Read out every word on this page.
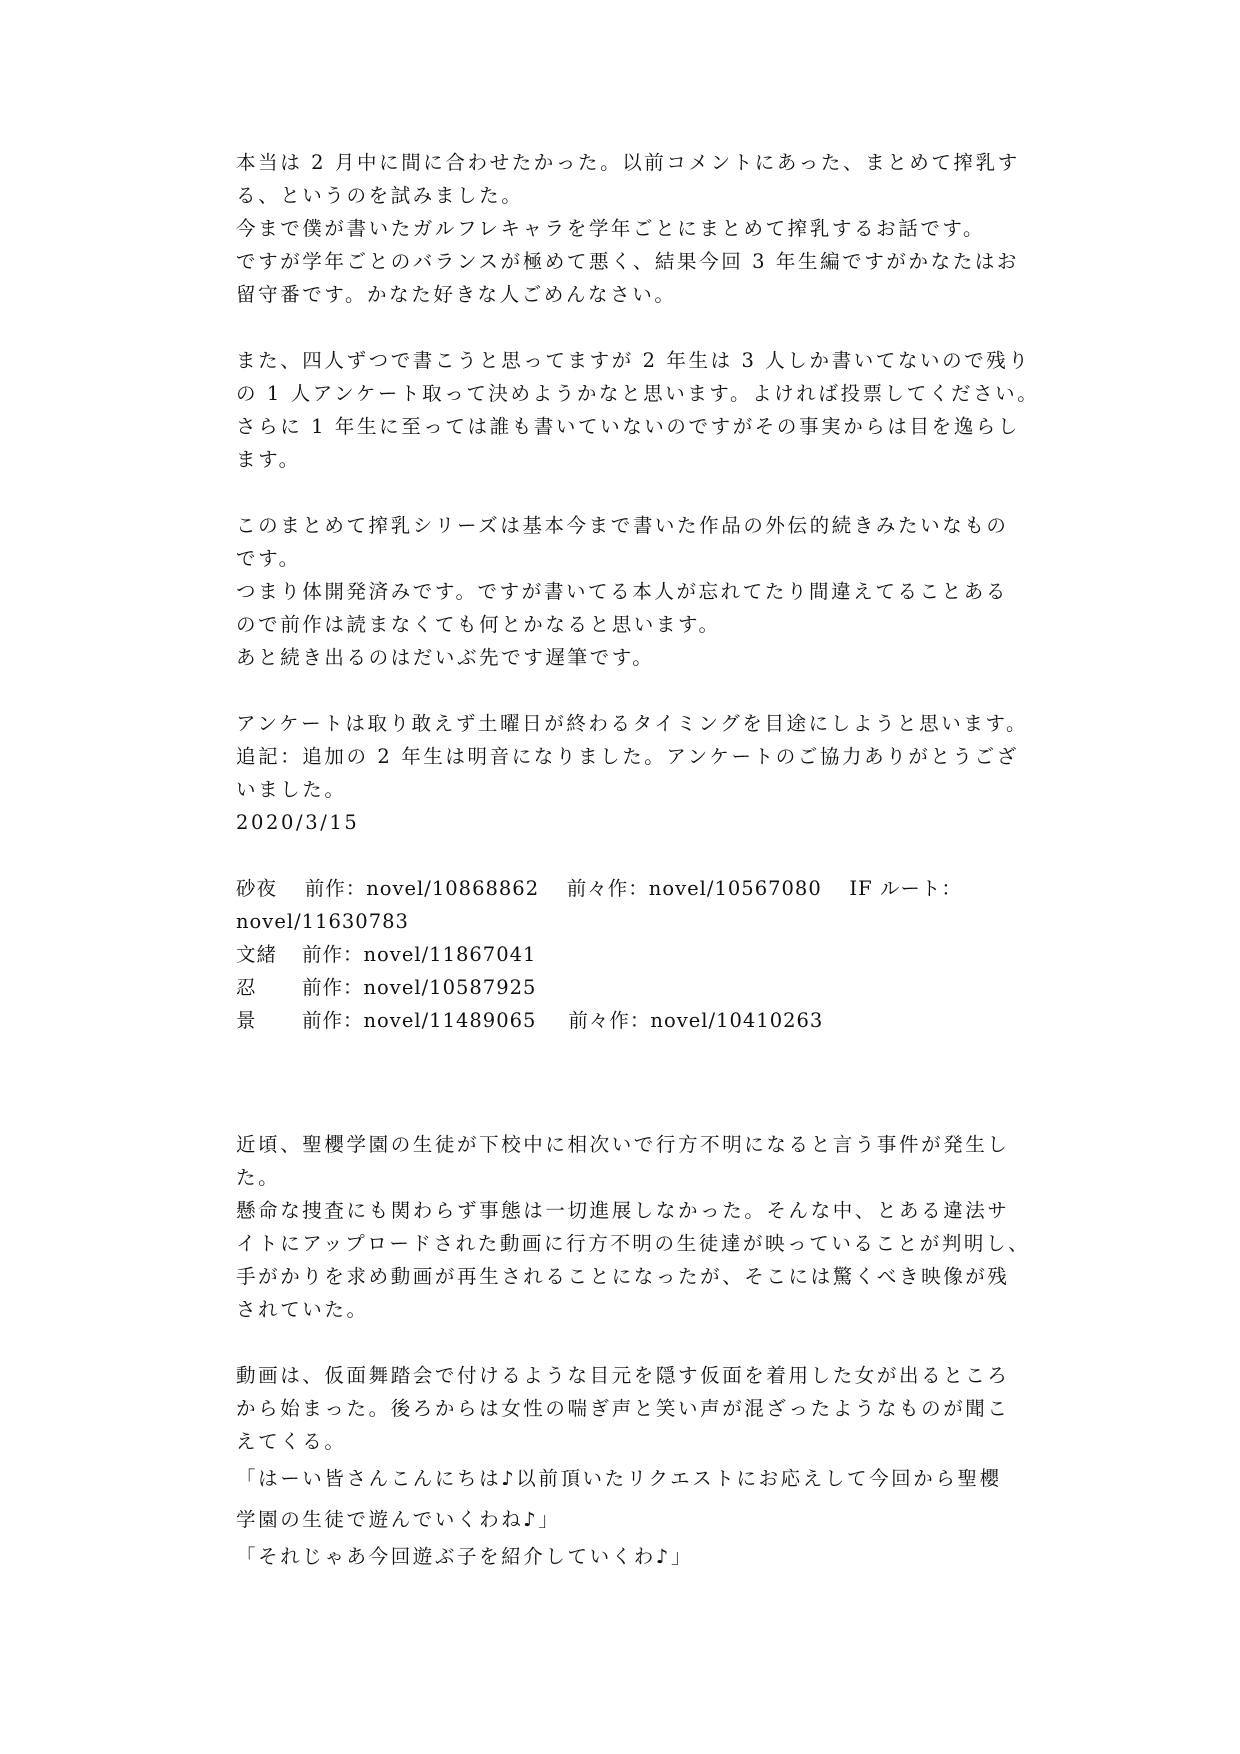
本当は 2 月中に間に合わせたかった。以前コメントにあった、まとめて搾乳す
る、というのを試みました。
今まで僕が書いたガルフレキャラを学年ごとにまとめて搾乳するお話です。
ですが学年ごとのバランスが極めて悪く、結果今回 3 年生編ですがかなたはお
留守番です。かなた好きな人ごめんなさい。
また、四人ずつで書こうと思ってますが 2 年生は 3 人しか書いてないので残り
の 1 人アンケート取って決めようかなと思います。よければ投票してください。
さらに 1 年生に至っては誰も書いていないのですがその事実からは目を逸らし
ます。
このまとめて搾乳シリーズは基本今まで書いた作品の外伝的続きみたいなもの
です。
つまり体開発済みです。ですが書いてる本人が忘れてたり間違えてることある
ので前作は読まなくても何とかなると思います。
あと続き出るのはだいぶ先です遅筆です。
アンケートは取り敢えず土曜日が終わるタイミングを目途にしようと思います。
追記：追加の 2 年生は明音になりました。アンケートのご協力ありがとうござ
いました。
2020/3/15
砂夜　 前作：novel/10868862　 前々作：novel/10567080　 IF ルート：
novel/11630783
文緒 前作：novel/11867041
忍 前作：novel/10587925
景 前作：novel/11489065 前々作：novel/10410263
近頃、聖櫻学園の生徒が下校中に相次いで行方不明になると言う事件が発生し
た。
懸命な捜査にも関わらず事態は一切進展しなかった。そんな中、とある違法サ
イトにアップロードされた動画に行方不明の生徒達が映っていることが判明し、
手がかりを求め動画が再生されることになったが、そこには驚くべき映像が残
されていた。
動画は、仮面舞踏会で付けるような目元を隠す仮面を着用した女が出るところ
から始まった。後ろからは女性の喘ぎ声と笑い声が混ざったようなものが聞こ
えてくる。
「はーい皆さんこんにちは♪以前頂いたリクエストにお応えして今回から聖櫻
学園の生徒で遊んでいくわね♪」
「それじゃあ今回遊ぶ子を紹介していくわ♪」
